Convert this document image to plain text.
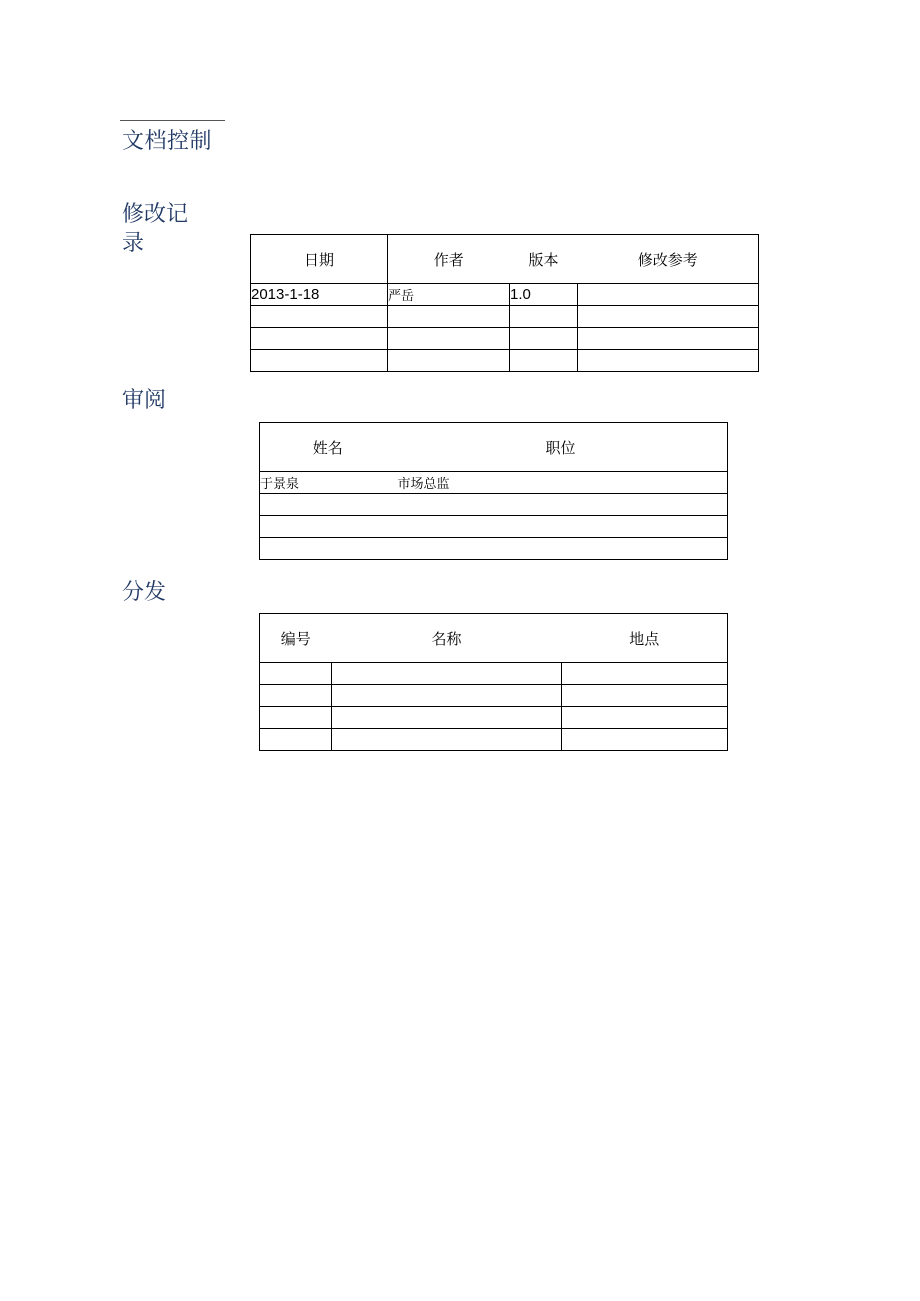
文档控制
修改记录
日期	作者	版本	修改参考
2013-1-18	严岳	1.0	

审阅
姓名	职位
于景泉	市场总监

分发
编号	名称	地点
